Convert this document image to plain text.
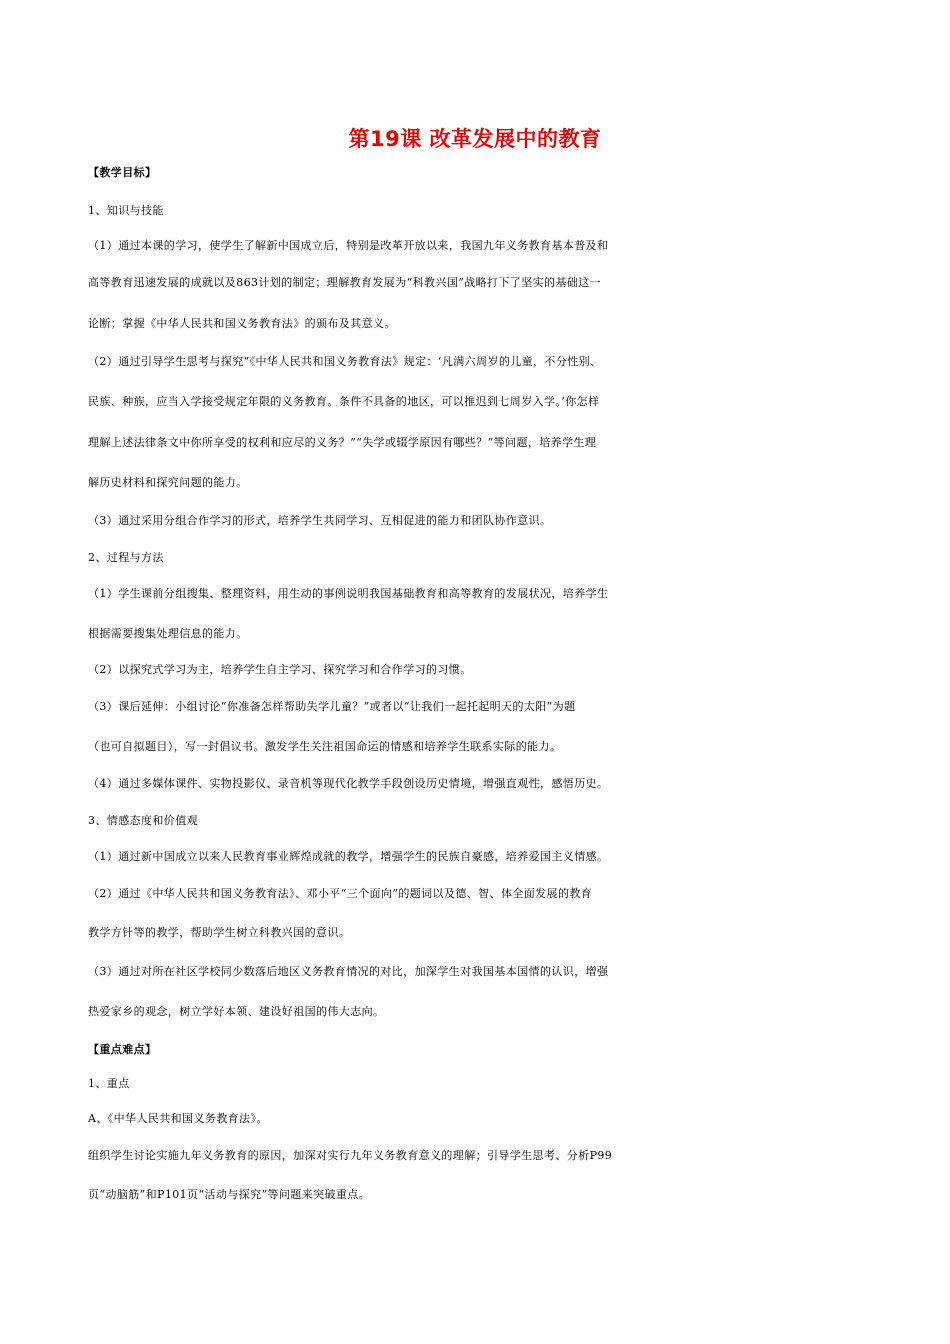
第19课 改革发展中的教育
【教学目标】
1、知识与技能
（1）通过本课的学习，使学生了解新中国成立后，特别是改革开放以来，我国九年义务教育基本普及和
高等教育迅速发展的成就以及863计划的制定；理解教育发展为“科教兴国”战略打下了坚实的基础这一
论断；掌握《中华人民共和国义务教育法》的颁布及其意义。
（2）通过引导学生思考与探究“《中华人民共和国义务教育法》规定：‘凡满六周岁的儿童，不分性别、
民族、种族，应当入学接受规定年限的义务教育。条件不具备的地区，可以推迟到七周岁入学。’你怎样
理解上述法律条文中你所享受的权利和应尽的义务？”“失学或辍学原因有哪些？”等问题，培养学生理
解历史材料和探究问题的能力。
（3）通过采用分组合作学习的形式，培养学生共同学习、互相促进的能力和团队协作意识。
2、过程与方法
（1）学生课前分组搜集、整理资料，用生动的事例说明我国基础教育和高等教育的发展状况，培养学生
根据需要搜集处理信息的能力。
（2）以探究式学习为主，培养学生自主学习、探究学习和合作学习的习惯。
（3）课后延伸：小组讨论“你准备怎样帮助失学儿童？”或者以“让我们一起托起明天的太阳”为题
（也可自拟题目），写一封倡议书。激发学生关注祖国命运的情感和培养学生联系实际的能力。
（4）通过多媒体课件、实物投影仪、录音机等现代化教学手段创设历史情境，增强直观性，感悟历史。
3、情感态度和价值观
（1）通过新中国成立以来人民教育事业辉煌成就的教学，增强学生的民族自豪感，培养爱国主义情感。
（2）通过《中华人民共和国义务教育法》、邓小平“三个面向”的题词以及德、智、体全面发展的教育
教学方针等的教学，帮助学生树立科教兴国的意识。
（3）通过对所在社区学校同少数落后地区义务教育情况的对比，加深学生对我国基本国情的认识，增强
热爱家乡的观念，树立学好本领、建设好祖国的伟大志向。
【重点难点】
1、重点
A、《中华人民共和国义务教育法》。
组织学生讨论实施九年义务教育的原因，加深对实行九年义务教育意义的理解；引导学生思考、分析P99
页“动脑筋”和P101页“活动与探究”等问题来突破重点。
